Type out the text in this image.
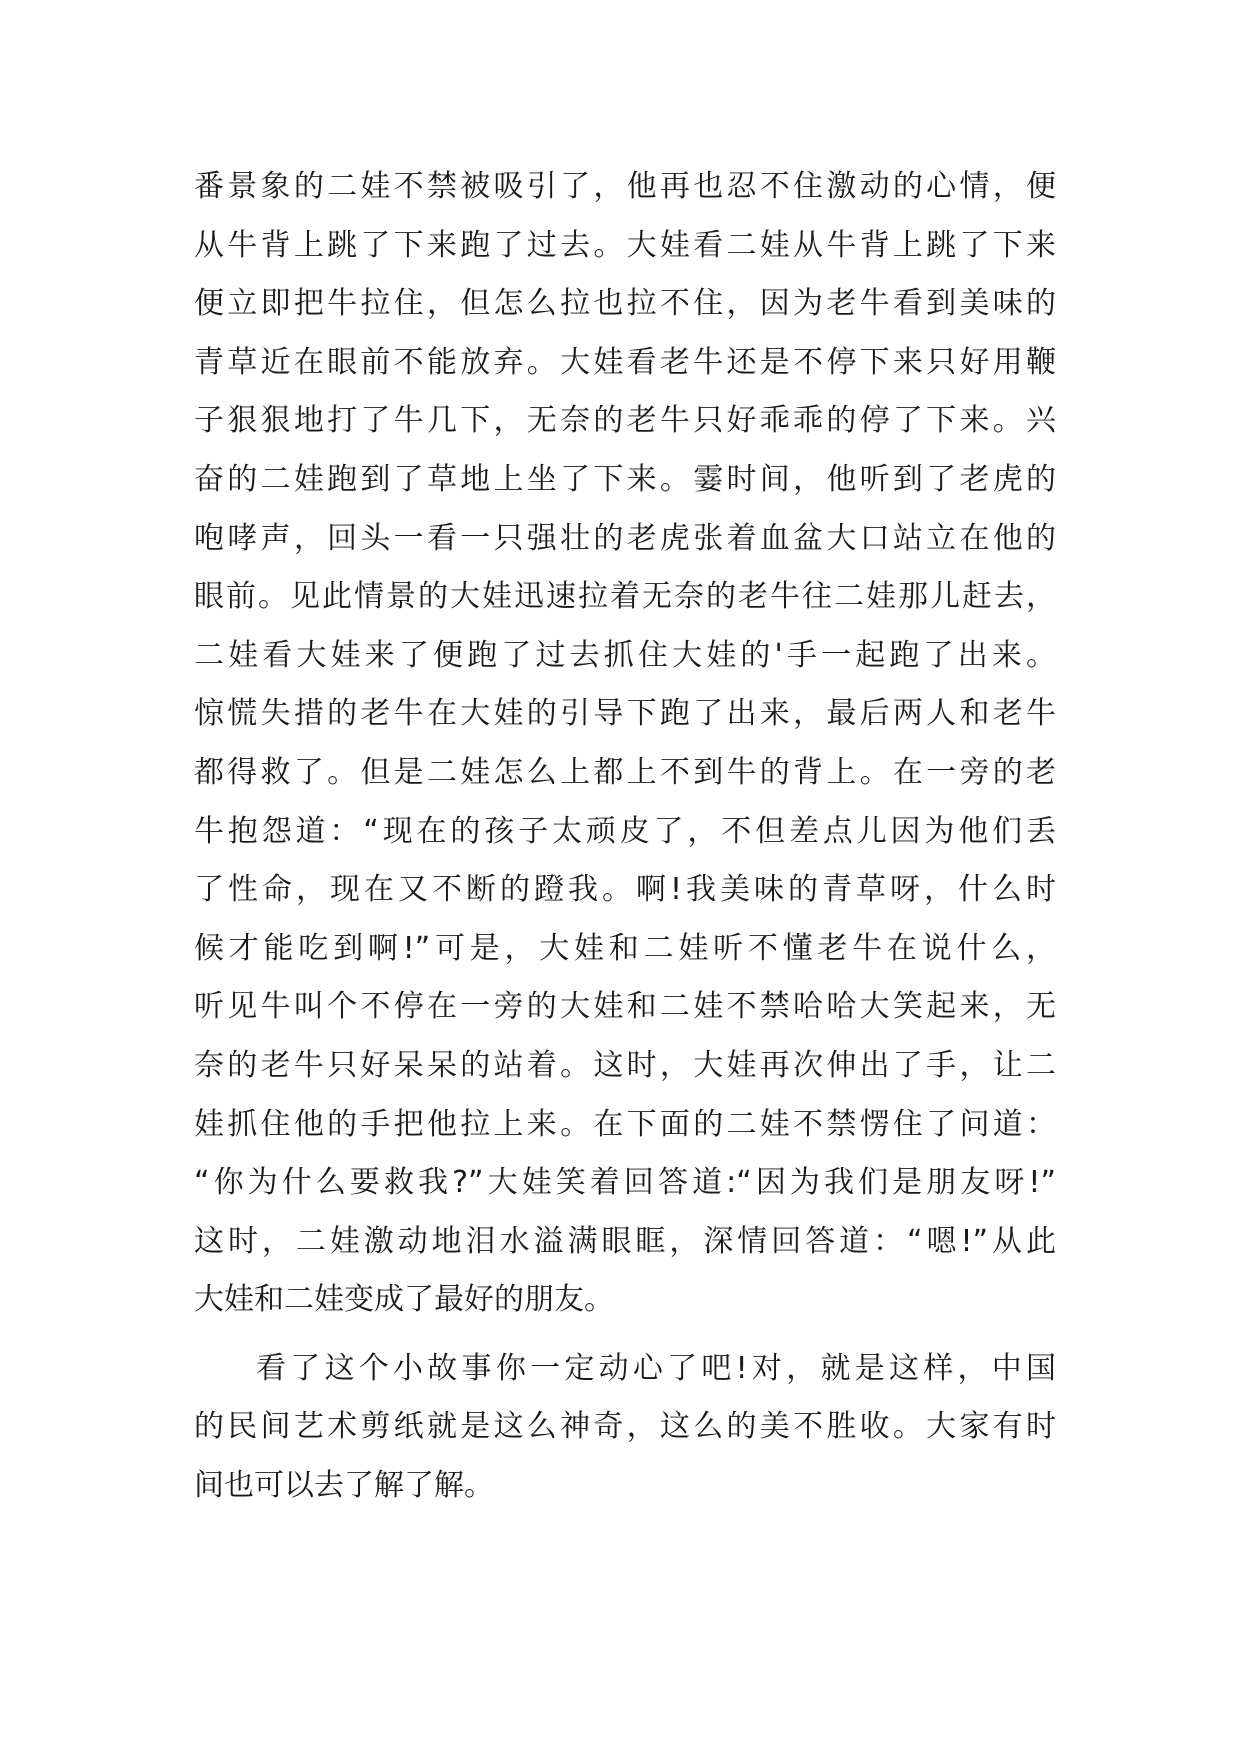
番景象的二娃不禁被吸引了，他再也忍不住激动的心情，便
从牛背上跳了下来跑了过去。大娃看二娃从牛背上跳了下来
便立即把牛拉住，但怎么拉也拉不住，因为老牛看到美味的
青草近在眼前不能放弃。大娃看老牛还是不停下来只好用鞭
子狠狠地打了牛几下，无奈的老牛只好乖乖的停了下来。兴
奋的二娃跑到了草地上坐了下来。霎时间，他听到了老虎的
咆哮声，回头一看一只强壮的老虎张着血盆大口站立在他的
眼前。见此情景的大娃迅速拉着无奈的老牛往二娃那儿赶去，
二娃看大娃来了便跑了过去抓住大娃的'手一起跑了出来。
惊慌失措的老牛在大娃的引导下跑了出来，最后两人和老牛
都得救了。但是二娃怎么上都上不到牛的背上。在一旁的老
牛抱怨道：“现在的孩子太顽皮了，不但差点儿因为他们丢
了性命，现在又不断的蹬我。啊!我美味的青草呀，什么时
候才能吃到啊!”可是，大娃和二娃听不懂老牛在说什么，
听见牛叫个不停在一旁的大娃和二娃不禁哈哈大笑起来，无
奈的老牛只好呆呆的站着。这时，大娃再次伸出了手，让二
娃抓住他的手把他拉上来。在下面的二娃不禁愣住了问道：
“你为什么要救我?”大娃笑着回答道:“因为我们是朋友呀!”
这时，二娃激动地泪水溢满眼眶，深情回答道：“嗯!”从此
大娃和二娃变成了最好的朋友。
看了这个小故事你一定动心了吧!对，就是这样，中国
的民间艺术剪纸就是这么神奇，这么的美不胜收。大家有时
间也可以去了解了解。
